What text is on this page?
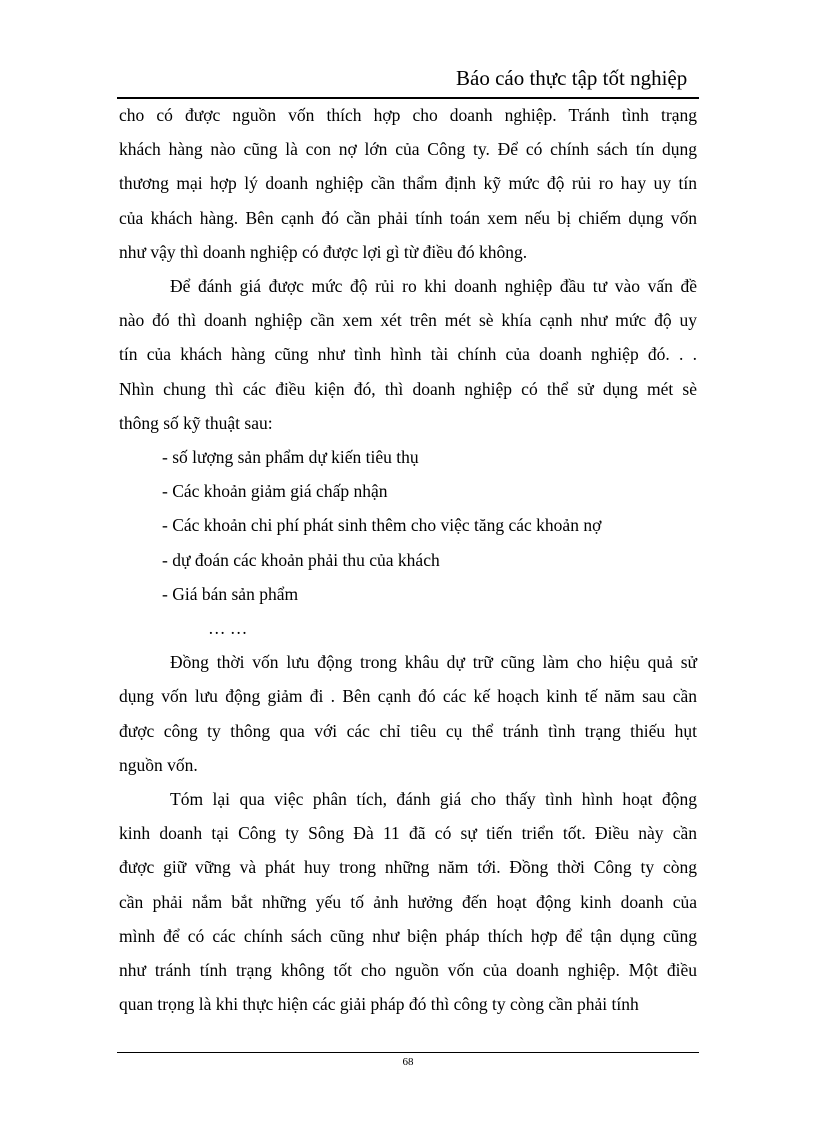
Báo cáo thực tập tốt nghiệp
cho có được nguồn vốn thích hợp cho doanh nghiệp. Tránh tình trạng
khách hàng nào cũng là con nợ lớn của Công ty. Để có chính sách tín dụng
thương mại hợp lý doanh nghiệp cần thẩm định kỹ mức độ rủi ro hay uy tín
của khách hàng. Bên cạnh đó cần phải tính toán xem nếu bị chiếm dụng vốn
như vậy thì doanh nghiệp có được lợi gì từ điều đó không.
Để đánh giá được mức độ rủi ro khi doanh nghiệp đầu tư vào vấn đề
nào đó thì doanh nghiệp cần xem xét trên mét sè khía cạnh như mức độ uy
tín của khách hàng cũng như tình hình tài chính của doanh nghiệp đó. . .
Nhìn chung thì các điều kiện đó, thì doanh nghiệp có thể sử dụng mét sè
thông số kỹ thuật sau:
- số lượng sản phẩm dự kiến tiêu thụ
- Các khoản giảm giá chấp nhận
- Các khoản chi phí phát sinh thêm cho việc tăng các khoản nợ
- dự đoán các khoản phải thu của khách
- Giá bán sản phẩm
… …
Đồng thời vốn lưu động trong khâu dự trữ cũng làm cho hiệu quả sử
dụng vốn lưu động giảm đi . Bên cạnh đó các kế hoạch kinh tế năm sau cần
được công ty thông qua với các chỉ tiêu cụ thể tránh tình trạng thiếu hụt
nguồn vốn.
Tóm lại qua việc phân tích, đánh giá cho thấy tình hình hoạt động
kinh doanh tại Công ty Sông Đà 11 đã có sự tiến triển tốt. Điều này cần
được giữ vững và phát huy trong những năm tới. Đồng thời Công ty còng
cần phải nắm bắt những yếu tố ảnh hưởng đến hoạt động kinh doanh của
mình để có các chính sách cũng như biện pháp thích hợp để tận dụng cũng
như tránh tính trạng không tốt cho nguồn vốn của doanh nghiệp. Một điều
quan trọng là khi thực hiện các giải pháp đó thì công ty còng cần phải tính
68
